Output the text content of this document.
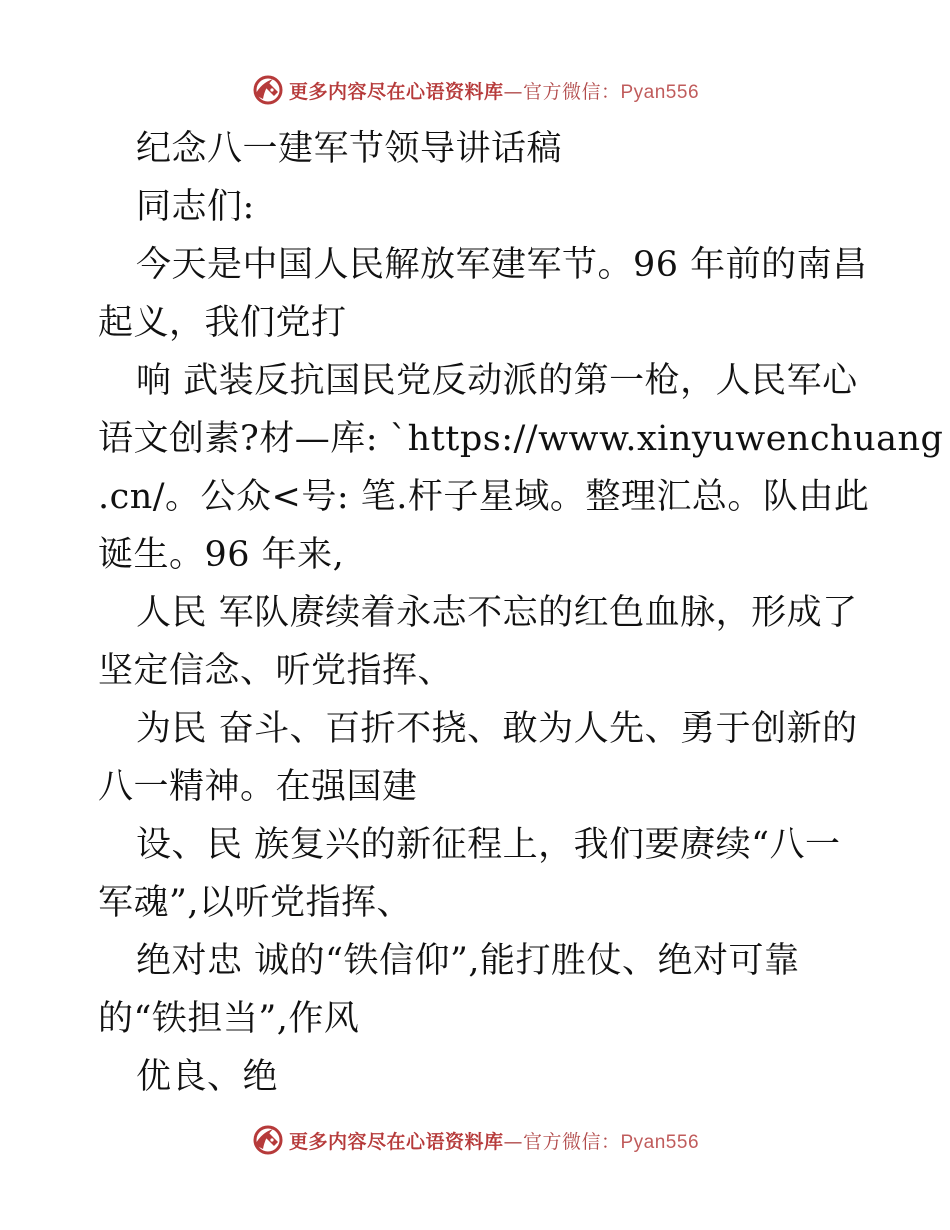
更多内容尽在心语资料库—官方微信：Pyan556
纪念八一建军节领导讲话稿
同志们:
今天是中国人民解放军建军节。96 年前的南昌
起义，我们党打
响 武装反抗国民党反动派的第一枪，人民军心
语文创素?材—库: `https://www.xinyuwenchuang
.cn/。公众<号: 笔.杆子星域。整理汇总。队由此
诞生。96 年来,
人民 军队赓续着永志不忘的红色血脉，形成了
坚定信念、听党指挥、
为民 奋斗、百折不挠、敢为人先、勇于创新的
八一精神。在强国建
设、民 族复兴的新征程上，我们要赓续“八一
军魂”,以听党指挥、
绝对忠 诚的“铁信仰”,能打胜仗、绝对可靠
的“铁担当”,作风
优良、绝
更多内容尽在心语资料库—官方微信：Pyan556
